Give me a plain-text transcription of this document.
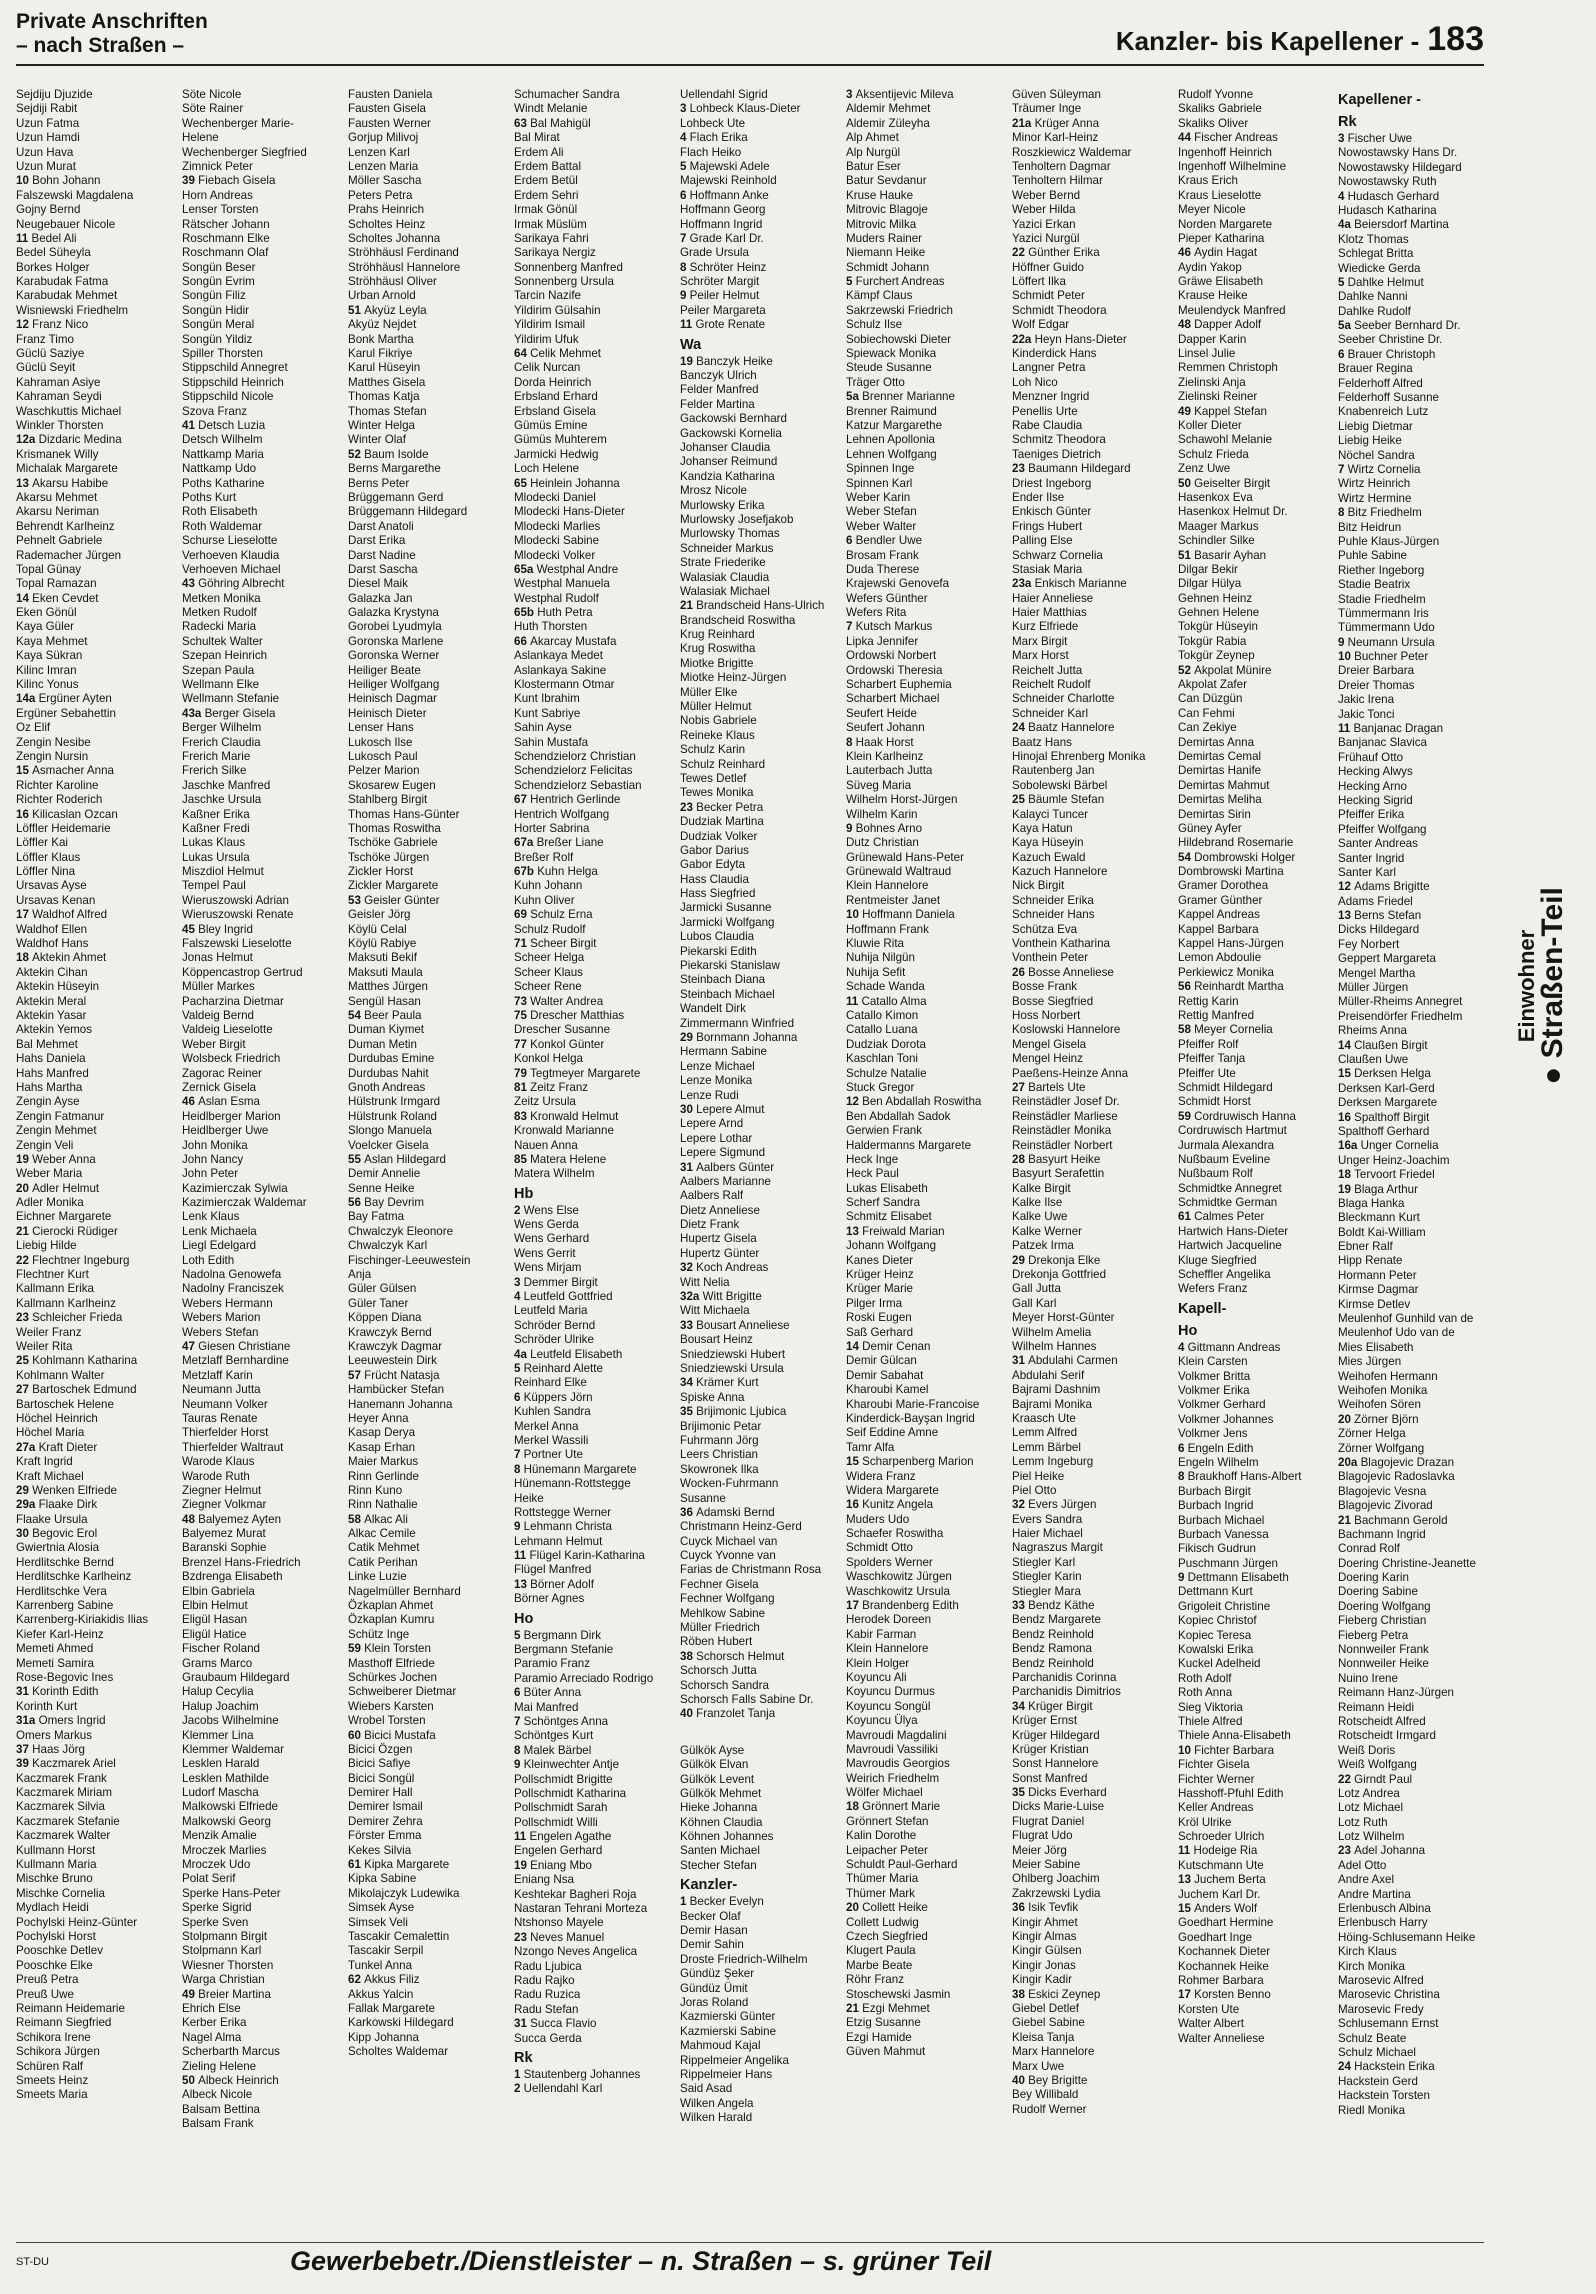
Private Anschriften
– nach Straßen –	Kanzler- bis Kapellener - 183
Sejdiju Djuzide
Sejdiji Rabit
Uzun Fatma
Uzun Hamdi
Uzun Hava
Uzun Murat
10 Bohn Johann
Falszewski Magdalena
Gojny Bernd
Neugebauer Nicole
11 Bedel Ali
Bedel Süheyla
Borkes Holger
Karabudak Fatma
Karabudak Mehmet
Wisniewski Friedhelm
12 Franz Nico
Franz Timo
Güclü Saziye
Güclü Seyit
Kahraman Asiye
Kahraman Seydi
Waschkuttis Michael
Winkler Thorsten
12a Dizdaric Medina
Krismanek Willy
Michalak Margarete
13 Akarsu Habibe
Akarsu Mehmet
Akarsu Neriman
Behrendt Karlheinz
Pehnelt Gabriele
Rademacher Jürgen
Topal Günay
Topal Ramazan
14 Eken Cevdet
Eken Gönül
Kaya Güler
Kaya Mehmet
Kaya Sükran
Kilinc Imran
Kilinc Yonus
14a Ergüner Ayten
Ergüner Sebahettin
Oz Elif
Zengin Nesibe
Zengin Nursin
15 Asmacher Anna
Richter Karoline
Richter Roderich
16 Kilicaslan Ozcan
Löffler Heidemarie
Löffler Kai
Löffler Klaus
Löffler Nina
Ursavas Ayse
Ursavas Kenan
17 Waldhof Alfred
Waldhof Ellen
Waldhof Hans
18 Aktekin Ahmet
Aktekin Cihan
Aktekin Hüseyin
Aktekin Meral
Aktekin Yasar
Aktekin Yemos
Bal Mehmet
Hahs Daniela
Hahs Manfred
Hahs Martha
Zengin Ayse
Zengin Fatmanur
Zengin Mehmet
Zengin Veli
19 Weber Anna
Weber Maria
20 Adler Helmut
Adler Monika
Eichner Margarete
21 Cierocki Rüdiger
Liebig Hilde
22 Flechtner Ingeburg
Flechtner Kurt
Kallmann Erika
Kallmann Karlheinz
23 Schleicher Frieda
Weiler Franz
Weiler Rita
25 Kohlmann Katharina
Kohlmann Walter
27 Bartoschek Edmund
Bartoschek Helene
Höchel Heinrich
Höchel Maria
27a Kraft Dieter
Kraft Ingrid
Kraft Michael
29 Wenken Elfriede
29a Flaake Dirk
Flaake Ursula
30 Begovic Erol
Gwiertnia Alosia
Herdlitschke Bernd
Herdlitschke Karlheinz
Herdlitschke Vera
Karrenberg Sabine
Karrenberg-Kiriakidis Ilias
Kiefer Karl-Heinz
Memeti Ahmed
Memeti Samira
Rose-Begovic Ines
31 Korinth Edith
Korinth Kurt
31a Omers Ingrid
Omers Markus
37 Haas Jörg
39 Kaczmarek Ariel
Kaczmarek Frank
Kaczmarek Miriam
Kaczmarek Silvia
Kaczmarek Stefanie
Kaczmarek Walter
Kullmann Horst
Kullmann Maria
Mischke Bruno
Mischke Cornelia
Mydlach Heidi
Pochylski Heinz-Günter
Pochylski Horst
Pooschke Detlev
Pooschke Elke
Preuß Petra
Preuß Uwe
Reimann Heidemarie
Reimann Siegfried
Schikora Irene
Schikora Jürgen
Schüren Ralf
Smeets Heinz
Smeets Maria
Söte Nicole
Söte Rainer
Wechenberger Marie-
Helene
Wechenberger Siegfried
Zimnick Peter
39 Fiebach Gisela
Horn Andreas
Lenser Torsten
Rätscher Johann
Roschmann Elke
Roschmann Olaf
Songün Beser
Songün Evrim
Songün Filiz
Songün Hidir
Songün Meral
Songün Yildiz
Spiller Thorsten
Stippschild Annegret
Stippschild Heinrich
Stippschild Nicole
Szova Franz
41 Detsch Luzia
Detsch Wilhelm
Nattkamp Maria
Nattkamp Udo
Poths Katharine
Poths Kurt
Roth Elisabeth
Roth Waldemar
Schurse Lieselotte
Verhoeven Klaudia
Verhoeven Michael
43 Göhring Albrecht
Metken Monika
Metken Rudolf
Radecki Maria
Schultek Walter
Szepan Heinrich
Szepan Paula
Wellmann Elke
Wellmann Stefanie
43a Berger Gisela
Berger Wilhelm
Frerich Claudia
Frerich Marie
Frerich Silke
Jaschke Manfred
Jaschke Ursula
Kaßner Erika
Kaßner Fredi
Lukas Klaus
Lukas Ursula
Miszdiol Helmut
Tempel Paul
Wieruszowski Adrian
Wieruszowski Renate
45 Bley Ingrid
Falszewski Lieselotte
Jonas Helmut
Köppencastrop Gertrud
Müller Markes
Pacharzina Dietmar
Valdeig Bernd
Valdeig Lieselotte
Weber Birgit
Wolsbeck Friedrich
Zagorac Reiner
Zernick Gisela
46 Aslan Esma
Heidlberger Marion
Heidlberger Uwe
John Monika
John Nancy
John Peter
Kazimierczak Sylwia
Kazimierczak Waldemar
Lenk Klaus
Lenk Michaela
Liegl Edelgard
Loth Edith
Nadolna Genowefa
Nadolny Franciszek
Webers Hermann
Webers Marion
Webers Stefan
47 Giesen Christiane
Metzlaff Bernhardine
Metzlaff Karin
Neumann Jutta
Neumann Volker
Tauras Renate
Thierfelder Horst
Thierfelder Waltraut
Warode Klaus
Warode Ruth
Ziegner Helmut
Ziegner Volkmar
48 Balyemez Ayten
Balyemez Murat
Baranski Sophie
Brenzel Hans-Friedrich
Bzdrenga Elisabeth
Elbin Gabriela
Elbin Helmut
Eligül Hasan
Eligül Hatice
Fischer Roland
Grams Marco
Graubaum Hildegard
Halup Cecylia
Halup Joachim
Jacobs Wilhelmine
Klemmer Lina
Klemmer Waldemar
Lesklen Harald
Lesklen Mathilde
Ludorf Mascha
Malkowski Elfriede
Malkowski Georg
Menzik Amalie
Mroczek Marlies
Mroczek Udo
Polat Serif
Sperke Hans-Peter
Sperke Sigrid
Sperke Sven
Stolpmann Birgit
Stolpmann Karl
Wiesner Thorsten
Warga Christian
49 Breier Martina
Ehrich Else
Kerber Erika
Nagel Alma
Scherbarth Marcus
Zieling Helene
50 Albeck Heinrich
Albeck Nicole
Balsam Bettina
Balsam Frank
Fausten Daniela
Fausten Gisela
Fausten Werner
Gorjup Milivoj
Lenzen Karl
Lenzen Maria
Möller Sascha
Peters Petra
Prahs Heinrich
Scholtes Heinz
Scholtes Johanna
Ströhhäusl Ferdinand
Ströhhäusl Hannelore
Ströhhäusl Oliver
Urban Arnold
51 Akyüz Leyla
Akyüz Nejdet
Bonk Martha
Karul Fikriye
Karul Hüseyin
Matthes Gisela
Thomas Katja
Thomas Stefan
Winter Helga
Winter Olaf
52 Baum Isolde
Berns Margarethe
Berns Peter
Brüggemann Gerd
Brüggemann Hildegard
Darst Anatoli
Darst Erika
Darst Nadine
Darst Sascha
Diesel Maik
Galazka Jan
Galazka Krystyna
Gorobei Lyudmyla
Goronska Marlene
Goronska Werner
Heiliger Beate
Heiliger Wolfgang
Heinisch Dagmar
Heinisch Dieter
Lenser Hans
Lukosch Ilse
Lukosch Paul
Pelzer Marion
Skosarew Eugen
Stahlberg Birgit
Thomas Hans-Günter
Thomas Roswitha
Tschöke Gabriele
Tschöke Jürgen
Zickler Horst
Zickler Margarete
53 Geisler Günter
Geisler Jörg
Köylü Celal
Köylü Rabiye
Maksuti Bekif
Maksuti Maula
Matthes Jürgen
Sengül Hasan
54 Beer Paula
Duman Kiymet
Duman Metin
Durdubas Emine
Durdubas Nahit
Gnoth Andreas
Hülstrunk Irmgard
Hülstrunk Roland
Slongo Manuela
Voelcker Gisela
55 Aslan Hildegard
Demir Annelie
Senne Heike
56 Bay Devrim
Bay Fatma
Chwalczyk Eleonore
Chwalczyk Karl
Fischinger-Leeuwestein
Anja
Güler Gülsen
Güler Taner
Köppen Diana
Krawczyk Bernd
Krawczyk Dagmar
Leeuwestein Dirk
57 Frücht Natasja
Hambücker Stefan
Hanemann Johanna
Heyer Anna
Kasap Derya
Kasap Erhan
Maier Markus
Rinn Gerlinde
Rinn Kuno
Rinn Nathalie
58 Alkac Ali
Alkac Cemile
Catik Mehmet
Catik Perihan
Linke Luzie
Nagelmüller Bernhard
Özkaplan Ahmet
Özkaplan Kumru
Schütz Inge
59 Klein Torsten
Masthoff Elfriede
Schürkes Jochen
Schweiberer Dietmar
Wiebers Karsten
Wrobel Torsten
60 Bicici Mustafa
Bicici Özgen
Bicici Safiye
Bicici Songül
Demirer Hall
Demirer Ismail
Demirer Zehra
Förster Emma
Kekes Silvia
61 Kipka Margarete
Kipka Sabine
Mikolajczyk Ludewika
Simsek Ayse
Simsek Veli
Tascakir Cemalettin
Tascakir Serpil
Tunkel Anna
62 Akkus Filiz
Akkus Yalcin
Fallak Margarete
Karkowski Hildegard
Kipp Johanna
Scholtes Waldemar
Schumacher Sandra
Windt Melanie
63 Bal Mahigül
Bal Mirat
Erdem Ali
Erdem Battal
Erdem Betül
Erdem Sehri
Irmak Gönül
Irmak Müslüm
Sarikaya Fahri
Sarikaya Nergiz
Sonnenberg Manfred
Sonnenberg Ursula
Tarcin Nazife
Yildirim Gülsahin
Yildirim Ismail
Yildirim Ufuk
64 Celik Mehmet
Celik Nurcan
Dorda Heinrich
Erbsland Erhard
Erbsland Gisela
Gümüs Emine
Gümüs Muhterem
Jarmicki Hedwig
Loch Helene
65 Heinlein Johanna
Mlodecki Daniel
Mlodecki Hans-Dieter
Mlodecki Marlies
Mlodecki Sabine
Mlodecki Volker
65a Westphal Andre
Westphal Manuela
Westphal Rudolf
65b Huth Petra
Huth Thorsten
66 Akarcay Mustafa
Aslankaya Medet
Aslankaya Sakine
Klostermann Otmar
Kunt Ibrahim
Kunt Sabriye
Sahin Ayse
Sahin Mustafa
Schendzielorz Christian
Schendzielorz Felicitas
Schendzielorz Sebastian
67 Hentrich Gerlinde
Hentrich Wolfgang
Horter Sabrina
67a Breßer Liane
Breßer Rolf
67b Kuhn Helga
Kuhn Johann
Kuhn Oliver
69 Schulz Erna
Schulz Rudolf
71 Scheer Birgit
Scheer Helga
Scheer Klaus
Scheer Rene
73 Walter Andrea
75 Drescher Matthias
Drescher Susanne
77 Konkol Günter
Konkol Helga
79 Tegtmeyer Margarete
81 Zeitz Franz
Zeitz Ursula
83 Kronwald Helmut
Kronwald Marianne
Nauen Anna
85 Matera Helene
Matera Wilhelm
Hb
2 Wens Else
Wens Gerda
Wens Gerhard
Wens Gerrit
Wens Mirjam
3 Demmer Birgit
4 Leutfeld Gottfried
Leutfeld Maria
Schröder Bernd
Schröder Ulrike
4a Leutfeld Elisabeth
5 Reinhard Alette
Reinhard Elke
6 Küppers Jörn
Kuhlen Sandra
Merkel Anna
Merkel Wassili
7 Portner Ute
8 Hünemann Margarete
Hünemann-Rottstegge
Heike
Rottstegge Werner
9 Lehmann Christa
Lehmann Helmut
11 Flügel Karin-Katharina
Flügel Manfred
13 Börner Adolf
Börner Agnes
Ho
5 Bergmann Dirk
Bergmann Stefanie
Paramio Franz
Paramio Arreciado Rodrigo
6 Büter Anna
Mai Manfred
7 Schöntges Anna
Schöntges Kurt
8 Malek Bärbel
9 Kleinwechter Antje
Pollschmidt Brigitte
Pollschmidt Katharina
Pollschmidt Sarah
Pollschmidt Willi
11 Engelen Agathe
Engelen Gerhard
19 Eniang Mbo
Eniang Nsa
Keshtekar Bagheri Roja
Nastaran Tehrani Morteza
Ntshonso Mayele
23 Neves Manuel
Nzongo Neves Angelica
Radu Ljubica
Radu Rajko
Radu Ruzica
Radu Stefan
31 Succa Flavio
Succa Gerda
Rk
1 Stautenberg Johannes
2 Uellendahl Karl
Uellendahl Sigrid
3 Lohbeck Klaus-Dieter
Lohbeck Ute
4 Flach Erika
Flach Heiko
5 Majewski Adele
Majewski Reinhold
6 Hoffmann Anke
Hoffmann Georg
Hoffmann Ingrid
7 Grade Karl Dr.
Grade Ursula
8 Schröter Heinz
Schröter Margit
9 Peiler Helmut
Peiler Margareta
11 Grote Renate
Wa
19 Banczyk Heike
Banczyk Ulrich
Felder Manfred
Felder Martina
Gackowski Bernhard
Gackowski Kornelia
Johanser Claudia
Johanser Reimund
Kandzia Katharina
Mrosz Nicole
Murlowsky Erika
Murlowsky Josefjakob
Murlowsky Thomas
Schneider Markus
Strate Friederike
Walasiak Claudia
Walasiak Michael
21 Brandscheid Hans-Ulrich
Brandscheid Roswitha
Krug Reinhard
Krug Roswitha
Miotke Brigitte
Miotke Heinz-Jürgen
Müller Elke
Müller Helmut
Nobis Gabriele
Reineke Klaus
Schulz Karin
Schulz Reinhard
Tewes Detlef
Tewes Monika
23 Becker Petra
Dudziak Martina
Dudziak Volker
Gabor Darius
Gabor Edyta
Hass Claudia
Hass Siegfried
Jarmicki Susanne
Jarmicki Wolfgang
Lubos Claudia
Piekarski Edith
Piekarski Stanislaw
Steinbach Diana
Steinbach Michael
Wandelt Dirk
Zimmermann Winfried
29 Bornmann Johanna
Hermann Sabine
Lenze Michael
Lenze Monika
Lenze Rudi
30 Lepere Almut
Lepere Arnd
Lepere Lothar
Lepere Sigmund
31 Aalbers Günter
Aalbers Marianne
Aalbers Ralf
Dietz Anneliese
Dietz Frank
Hupertz Gisela
Hupertz Günter
32 Koch Andreas
Witt Nelia
32a Witt Brigitte
Witt Michaela
33 Bousart Anneliese
Bousart Heinz
Sniedziewski Hubert
Sniedziewski Ursula
34 Krämer Kurt
Spiske Anna
35 Brijimonic Ljubica
Brijimonic Petar
Fuhrmann Jörg
Leers Christian
Skowronek Ilka
Wocken-Fuhrmann
Susanne
36 Adamski Bernd
Christmann Heinz-Gerd
Cuyck Michael van
Cuyck Yvonne van
Farias de Christmann Rosa
Fechner Gisela
Fechner Wolfgang
Mehlkow Sabine
Müller Friedrich
Röben Hubert
38 Schorsch Helmut
Schorsch Jutta
Schorsch Sandra
Schorsch Falls Sabine Dr.
40 Franzolet Tanja
Gülkök Ayse
Gülkök Elvan
Gülkök Levent
Gülkök Mehmet
Hieke Johanna
Köhnen Claudia
Köhnen Johannes
Santen Michael
Stecher Stefan
Kanzler-
1 Becker Evelyn
Becker Olaf
Demir Hasan
Demir Sahin
Droste Friedrich-Wilhelm
Gündüz Şeker
Gündüz Ümit
Joras Roland
Kazmierski Günter
Kazmierski Sabine
Mahmoud Kajal
Rippelmeier Angelika
Rippelmeier Hans
Said Asad
Wilken Angela
Wilken Harald
3 Aksentijevic Mileva
Aldemir Mehmet
Aldemir Züleyha
Alp Ahmet
Alp Nurgül
Batur Eser
Batur Sevdanur
Kruse Hauke
Mitrovic Blagoje
Mitrovic Milka
Muders Rainer
Niemann Heike
Schmidt Johann
5 Furchert Andreas
Kämpf Claus
Sakrzewski Friedrich
Schulz Ilse
Sobiechowski Dieter
Spiewack Monika
Steude Susanne
Träger Otto
5a Brenner Marianne
Brenner Raimund
Katzur Margarethe
Lehnen Apollonia
Lehnen Wolfgang
Spinnen Inge
Spinnen Karl
Weber Karin
Weber Stefan
Weber Walter
6 Bendler Uwe
Brosam Frank
Duda Therese
Krajewski Genovefa
Wefers Günther
Wefers Rita
7 Kutsch Markus
Lipka Jennifer
Ordowski Norbert
Ordowski Theresia
Scharbert Euphemia
Scharbert Michael
Seufert Heide
Seufert Johann
8 Haak Horst
Klein Karlheinz
Lauterbach Jutta
Süveg Maria
Wilhelm Horst-Jürgen
Wilhelm Karin
9 Bohnes Arno
Dutz Christian
Grünewald Hans-Peter
Grünewald Waltraud
Klein Hannelore
Rentmeister Janet
10 Hoffmann Daniela
Hoffmann Frank
Kluwie Rita
Nuhija Nilgün
Nuhija Sefit
Schade Wanda
11 Catallo Alma
Catallo Kimon
Catallo Luana
Dudziak Dorota
Kaschlan Toni
Schulze Natalie
Stuck Gregor
12 Ben Abdallah Roswitha
Ben Abdallah Sadok
Gerwien Frank
Haldermanns Margarete
Heck Inge
Heck Paul
Lukas Elisabeth
Scherf Sandra
Schmitz Elisabet
13 Freiwald Marian
Johann Wolfgang
Kanes Dieter
Krüger Heinz
Krüger Marie
Pilger Irma
Roski Eugen
Saß Gerhard
14 Demir Cenan
Demir Gülcan
Demir Sabahat
Kharoubi Kamel
Kharoubi Marie-Francoise
Kinderdick-Bayşan Ingrid
Seif Eddine Amne
Tamr Alfa
15 Scharpenberg Marion
Widera Franz
Widera Margarete
16 Kunitz Angela
Muders Udo
Schaefer Roswitha
Schmidt Otto
Spolders Werner
Waschkowitz Jürgen
Waschkowitz Ursula
17 Brandenberg Edith
Herodek Doreen
Kabir Farman
Klein Hannelore
Klein Holger
Koyuncu Ali
Koyuncu Durmus
Koyuncu Songül
Koyuncu Ülya
Mavroudi Magdalini
Mavroudi Vassiliki
Mavroudis Georgios
Weirich Friedhelm
Wölfer Michael
18 Grönnert Marie
Grönnert Stefan
Kalin Dorothe
Leipacher Peter
Schuldt Paul-Gerhard
Thümer Maria
Thümer Mark
20 Collett Heike
Collett Ludwig
Czech Siegfried
Klugert Paula
Marbe Beate
Röhr Franz
Stoschewski Jasmin
21 Ezgi Mehmet
Etzig Susanne
Ezgi Hamide
Güven Mahmut
Güven Süleyman
Träumer Inge
21a Krüger Anna
Minor Karl-Heinz
Roszkiewicz Waldemar
Tenholtern Dagmar
Tenholtern Hilmar
Weber Bernd
Weber Hilda
Yazici Erkan
Yazici Nurgül
22 Günther Erika
Höffner Guido
Löffert Ilka
Schmidt Peter
Schmidt Theodora
Wolf Edgar
22a Heyn Hans-Dieter
Kinderdick Hans
Langner Petra
Loh Nico
Menzner Ingrid
Penellis Urte
Rabe Claudia
Schmitz Theodora
Taeniges Dietrich
23 Baumann Hildegard
Driest Ingeborg
Ender Ilse
Enkisch Günter
Frings Hubert
Palling Else
Schwarz Cornelia
Stasiak Maria
23a Enkisch Marianne
Haier Anneliese
Haier Matthias
Kurz Elfriede
Marx Birgit
Marx Horst
Reichelt Jutta
Reichelt Rudolf
Schneider Charlotte
Schneider Karl
24 Baatz Hannelore
Baatz Hans
Hinojal Ehrenberg Monika
Rautenberg Jan
Sobolewski Bärbel
25 Bäumle Stefan
Kalayci Tuncer
Kaya Hatun
Kaya Hüseyin
Kazuch Ewald
Kazuch Hannelore
Nick Birgit
Schneider Erika
Schneider Hans
Schütza Eva
Vonthein Katharina
Vonthein Peter
26 Bosse Anneliese
Bosse Frank
Bosse Siegfried
Hoss Norbert
Koslowski Hannelore
Mengel Gisela
Mengel Heinz
Paeßens-Heinze Anna
27 Bartels Ute
Reinstädler Josef Dr.
Reinstädler Marliese
Reinstädler Monika
Reinstädler Norbert
28 Basyurt Heike
Basyurt Serafettin
Kalke Birgit
Kalke Ilse
Kalke Uwe
Kalke Werner
Patzek Irma
29 Drekonja Elke
Drekonja Gottfried
Gall Jutta
Gall Karl
Meyer Horst-Günter
Wilhelm Amelia
Wilhelm Hannes
31 Abdulahi Carmen
Abdulahi Serif
Bajrami Dashnim
Bajrami Monika
Kraasch Ute
Lemm Alfred
Lemm Bärbel
Lemm Ingeburg
Piel Heike
Piel Otto
32 Evers Jürgen
Evers Sandra
Haier Michael
Nagraszus Margit
Stiegler Karl
Stiegler Karin
Stiegler Mara
33 Bendz Käthe
Bendz Margarete
Bendz Reinhold
Bendz Ramona
Bendz Reinhold
Parchanidis Corinna
Parchanidis Dimitrios
34 Krüger Birgit
Krüger Ernst
Krüger Hildegard
Krüger Kristian
Sonst Hannelore
Sonst Manfred
35 Dicks Everhard
Dicks Marie-Luise
Flugrat Daniel
Flugrat Udo
Meier Jörg
Meier Sabine
Ohlberg Joachim
Zakrzewski Lydia
36 Isik Tevfik
Kingir Ahmet
Kingir Almas
Kingir Gülsen
Kingir Jonas
Kingir Kadir
38 Eskici Zeynep
Giebel Detlef
Giebel Sabine
Kleisa Tanja
Marx Hannelore
Marx Uwe
40 Bey Brigitte
Bey Willibald
Rudolf Werner
Rudolf Yvonne
Skaliks Gabriele
Skaliks Oliver
44 Fischer Andreas
Ingenhoff Heinrich
Ingenhoff Wilhelmine
Kraus Erich
Kraus Lieselotte
Meyer Nicole
Norden Margarete
Pieper Katharina
46 Aydin Hagat
Aydin Yakop
Gräwe Elisabeth
Krause Heike
Meulendyck Manfred
48 Dapper Adolf
Dapper Karin
Linsel Julie
Remmen Christoph
Zielinski Anja
Zielinski Reiner
49 Kappel Stefan
Koller Dieter
Schawohl Melanie
Schulz Frieda
Zenz Uwe
50 Geiselter Birgit
Hasenkox Eva
Hasenkox Helmut Dr.
Maager Markus
Schindler Silke
51 Basarir Ayhan
Dilgar Bekir
Dilgar Hülya
Gehnen Heinz
Gehnen Helene
Tokgür Hüseyin
Tokgür Rabia
Tokgür Zeynep
52 Akpolat Münire
Akpolat Zafer
Can Düzgün
Can Fehmi
Can Zekiye
Demirtas Anna
Demirtas Cemal
Demirtas Hanife
Demirtas Mahmut
Demirtas Meliha
Demirtas Sirin
Güney Ayfer
Hildebrand Rosemarie
54 Dombrowski Holger
Dombrowski Martina
Gramer Dorothea
Gramer Günther
Kappel Andreas
Kappel Barbara
Kappel Hans-Jürgen
Lemon Abdoulie
Perkiewicz Monika
56 Reinhardt Martha
Rettig Karin
Rettig Manfred
58 Meyer Cornelia
Pfeiffer Rolf
Pfeiffer Tanja
Pfeiffer Ute
Schmidt Hildegard
Schmidt Horst
59 Cordruwisch Hanna
Cordruwisch Hartmut
Jurmala Alexandra
Nußbaum Eveline
Nußbaum Rolf
Schmidtke Annegret
Schmidtke German
61 Calmes Peter
Hartwich Hans-Dieter
Hartwich Jacqueline
Kluge Siegfried
Scheffler Angelika
Wefers Franz
Kapell-
Ho
4 Gittmann Andreas
Klein Carsten
Volkmer Britta
Volkmer Erika
Volkmer Gerhard
Volkmer Johannes
Volkmer Jens
6 Engeln Edith
Engeln Wilhelm
8 Braukhoff Hans-Albert
Burbach Birgit
Burbach Ingrid
Burbach Michael
Burbach Vanessa
Fikisch Gudrun
Puschmann Jürgen
9 Dettmann Elisabeth
Dettmann Kurt
Grigoleit Christine
Kopiec Christof
Kopiec Teresa
Kowalski Erika
Kuckel Adelheid
Roth Adolf
Roth Anna
Sieg Viktoria
Thiele Alfred
Thiele Anna-Elisabeth
10 Fichter Barbara
Fichter Gisela
Fichter Werner
Hasshoff-Pfuhl Edith
Keller Andreas
Kröl Ulrike
Schroeder Ulrich
11 Hodeige Ria
Kutschmann Ute
13 Juchem Berta
Juchem Karl Dr.
15 Anders Wolf
Goedhart Hermine
Goedhart Inge
Kochannek Dieter
Kochannek Heike
Rohmer Barbara
17 Korsten Benno
Korsten Ute
Walter Albert
Walter Anneliese
Kapellener -
Rk
3 Fischer Uwe
Nowostawsky Hans Dr.
Nowostawsky Hildegard
Nowostawsky Ruth
4 Hudasch Gerhard
Hudasch Katharina
4a Beiersdorf Martina
Klotz Thomas
Schlegat Britta
Wiedicke Gerda
5 Dahlke Helmut
Dahlke Nanni
Dahlke Rudolf
5a Seeber Bernhard Dr.
Seeber Christine Dr.
6 Brauer Christoph
Brauer Regina
Felderhoff Alfred
Felderhoff Susanne
Knabenreich Lutz
Liebig Dietmar
Liebig Heike
Nöchel Sandra
7 Wirtz Cornelia
Wirtz Heinrich
Wirtz Hermine
8 Bitz Friedhelm
Bitz Heidrun
Puhle Klaus-Jürgen
Puhle Sabine
Riether Ingeborg
Stadie Beatrix
Stadie Friedhelm
Tümmermann Iris
Tümmermann Udo
9 Neumann Ursula
10 Buchner Peter
Dreier Barbara
Dreier Thomas
Jakic Irena
Jakic Tonci
11 Banjanac Dragan
Banjanac Slavica
Frühauf Otto
Hecking Alwys
Hecking Arno
Hecking Sigrid
Pfeiffer Erika
Pfeiffer Wolfgang
Santer Andreas
Santer Ingrid
Santer Karl
12 Adams Brigitte
Adams Friedel
13 Berns Stefan
Dicks Hildegard
Fey Norbert
Geppert Margareta
Mengel Martha
Müller Jürgen
Müller-Rheims Annegret
Preisendörfer Friedhelm
Rheims Anna
14 Claußen Birgit
Claußen Uwe
15 Derksen Helga
Derksen Karl-Gerd
Derksen Margarete
16 Spalthoff Birgit
Spalthoff Gerhard
16a Unger Cornelia
Unger Heinz-Joachim
18 Tervoort Friedel
19 Blaga Arthur
Blaga Hanka
Bleckmann Kurt
Boldt Kai-William
Ebner Ralf
Hipp Renate
Hormann Peter
Kirmse Dagmar
Kirmse Detlev
Meulenhof Gunhild van de
Meulenhof Udo van de
Mies Elisabeth
Mies Jürgen
Weihofen Hermann
Weihofen Monika
Weihofen Sören
20 Zörner Björn
Zörner Helga
Zörner Wolfgang
20a Blagojevic Drazan
Blagojevic Radoslavka
Blagojevic Vesna
Blagojevic Zivorad
21 Bachmann Gerold
Bachmann Ingrid
Conrad Rolf
Doering Christine-Jeanette
Doering Karin
Doering Sabine
Doering Wolfgang
Fieberg Christian
Fieberg Petra
Nonnweiler Frank
Nonnweiler Heike
Nuino Irene
Reimann Hanz-Jürgen
Reimann Heidi
Rotscheidt Alfred
Rotscheidt Irmgard
Weiß Doris
Weiß Wolfgang
22 Girndt Paul
Lotz Andrea
Lotz Michael
Lotz Ruth
Lotz Wilhelm
23 Adel Johanna
Adel Otto
Andre Axel
Andre Martina
Erlenbusch Albina
Erlenbusch Harry
Höing-Schlusemann Heike
Kirch Klaus
Kirch Monika
Marosevic Alfred
Marosevic Christina
Marosevic Fredy
Schlusemann Ernst
Schulz Beate
Schulz Michael
24 Hackstein Erika
Hackstein Gerd
Hackstein Torsten
Riedl Monika
Einwohner
● Straßen-Teil
ST-DU	Gewerbebetr./Dienstleister – n. Straßen – s. grüner Teil
